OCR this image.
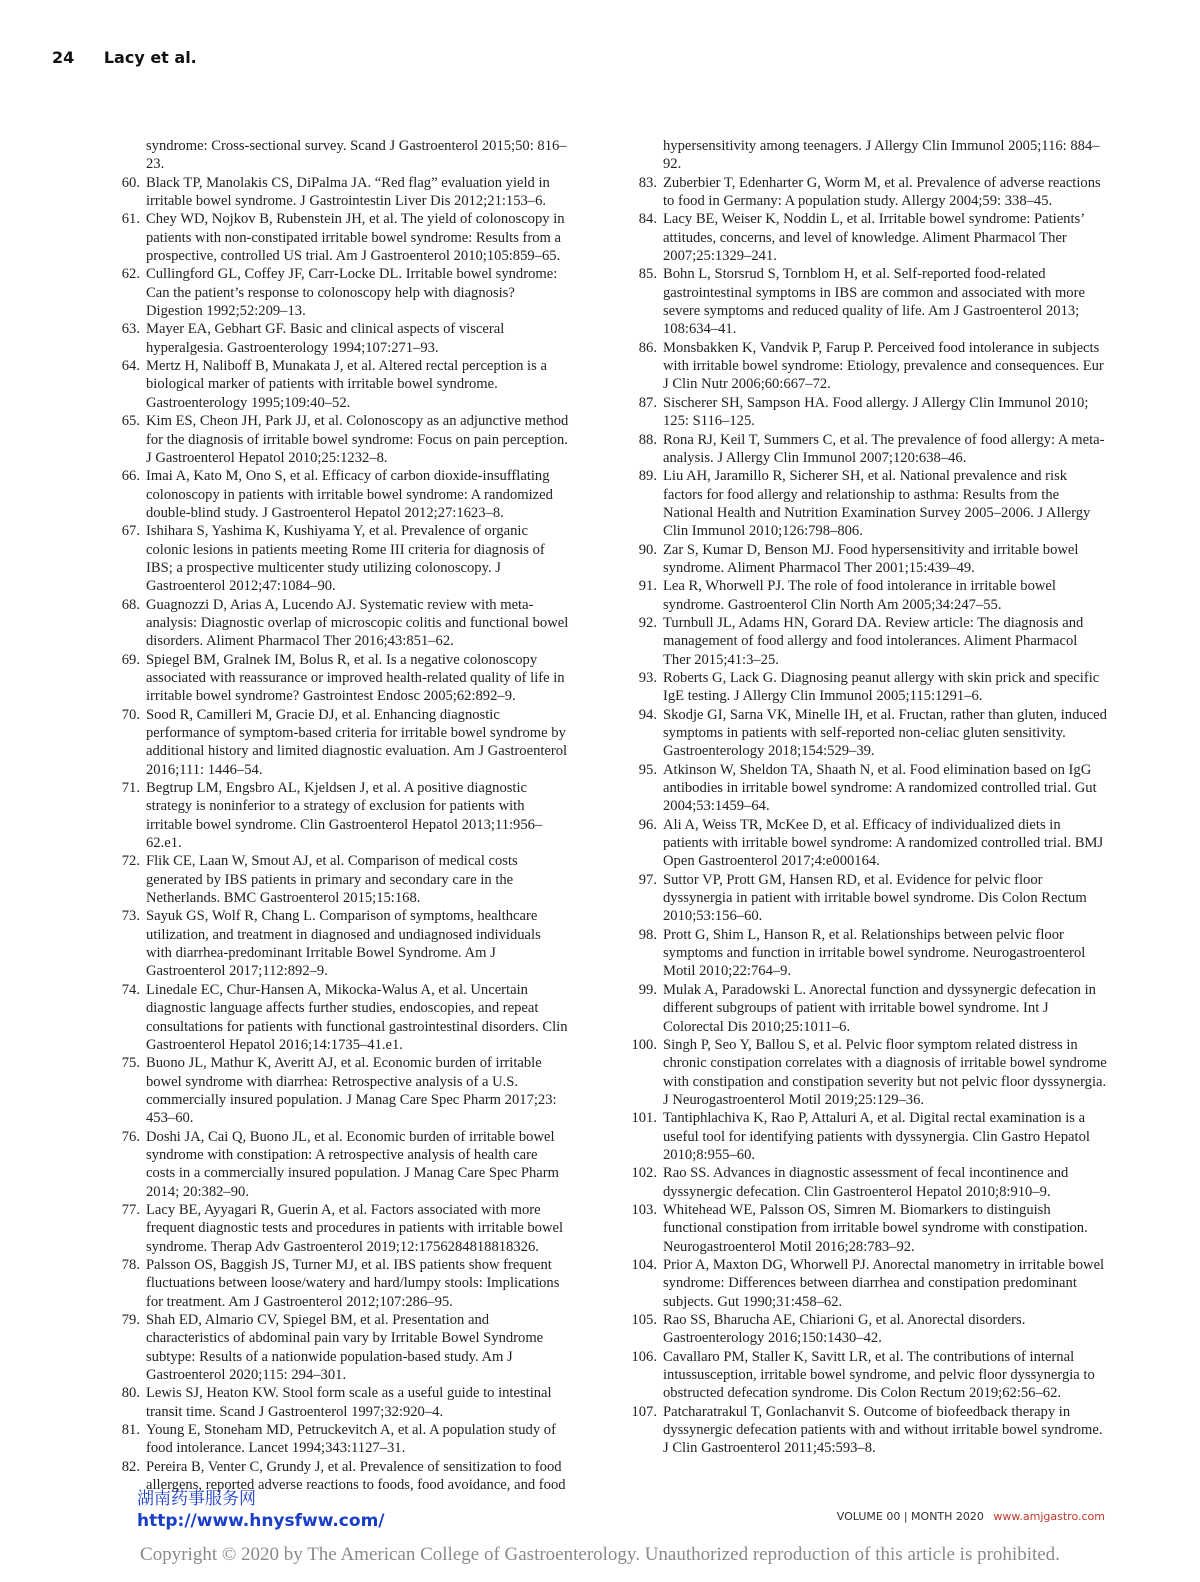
24 Lacy et al.
syndrome: Cross-sectional survey. Scand J Gastroenterol 2015;50: 816–23.
60. Black TP, Manolakis CS, DiPalma JA. “Red flag” evaluation yield in irritable bowel syndrome. J Gastrointestin Liver Dis 2012;21:153–6.
61. Chey WD, Nojkov B, Rubenstein JH, et al. The yield of colonoscopy in patients with non-constipated irritable bowel syndrome: Results from a prospective, controlled US trial. Am J Gastroenterol 2010;105:859–65.
62. Cullingford GL, Coffey JF, Carr-Locke DL. Irritable bowel syndrome: Can the patient’s response to colonoscopy help with diagnosis? Digestion 1992;52:209–13.
63. Mayer EA, Gebhart GF. Basic and clinical aspects of visceral hyperalgesia. Gastroenterology 1994;107:271–93.
64. Mertz H, Naliboff B, Munakata J, et al. Altered rectal perception is a biological marker of patients with irritable bowel syndrome. Gastroenterology 1995;109:40–52.
65. Kim ES, Cheon JH, Park JJ, et al. Colonoscopy as an adjunctive method for the diagnosis of irritable bowel syndrome: Focus on pain perception. J Gastroenterol Hepatol 2010;25:1232–8.
66. Imai A, Kato M, Ono S, et al. Efficacy of carbon dioxide-insufflating colonoscopy in patients with irritable bowel syndrome: A randomized double-blind study. J Gastroenterol Hepatol 2012;27:1623–8.
67. Ishihara S, Yashima K, Kushiyama Y, et al. Prevalence of organic colonic lesions in patients meeting Rome III criteria for diagnosis of IBS; a prospective multicenter study utilizing colonoscopy. J Gastroenterol 2012;47:1084–90.
68. Guagnozzi D, Arias A, Lucendo AJ. Systematic review with meta-analysis: Diagnostic overlap of microscopic colitis and functional bowel disorders. Aliment Pharmacol Ther 2016;43:851–62.
69. Spiegel BM, Gralnek IM, Bolus R, et al. Is a negative colonoscopy associated with reassurance or improved health-related quality of life in irritable bowel syndrome? Gastrointest Endosc 2005;62:892–9.
70. Sood R, Camilleri M, Gracie DJ, et al. Enhancing diagnostic performance of symptom-based criteria for irritable bowel syndrome by additional history and limited diagnostic evaluation. Am J Gastroenterol 2016;111: 1446–54.
71. Begtrup LM, Engsbro AL, Kjeldsen J, et al. A positive diagnostic strategy is noninferior to a strategy of exclusion for patients with irritable bowel syndrome. Clin Gastroenterol Hepatol 2013;11:956–62.e1.
72. Flik CE, Laan W, Smout AJ, et al. Comparison of medical costs generated by IBS patients in primary and secondary care in the Netherlands. BMC Gastroenterol 2015;15:168.
73. Sayuk GS, Wolf R, Chang L. Comparison of symptoms, healthcare utilization, and treatment in diagnosed and undiagnosed individuals with diarrhea-predominant Irritable Bowel Syndrome. Am J Gastroenterol 2017;112:892–9.
74. Linedale EC, Chur-Hansen A, Mikocka-Walus A, et al. Uncertain diagnostic language affects further studies, endoscopies, and repeat consultations for patients with functional gastrointestinal disorders. Clin Gastroenterol Hepatol 2016;14:1735–41.e1.
75. Buono JL, Mathur K, Averitt AJ, et al. Economic burden of irritable bowel syndrome with diarrhea: Retrospective analysis of a U.S. commercially insured population. J Manag Care Spec Pharm 2017;23: 453–60.
76. Doshi JA, Cai Q, Buono JL, et al. Economic burden of irritable bowel syndrome with constipation: A retrospective analysis of health care costs in a commercially insured population. J Manag Care Spec Pharm 2014; 20:382–90.
77. Lacy BE, Ayyagari R, Guerin A, et al. Factors associated with more frequent diagnostic tests and procedures in patients with irritable bowel syndrome. Therap Adv Gastroenterol 2019;12:1756284818818326.
78. Palsson OS, Baggish JS, Turner MJ, et al. IBS patients show frequent fluctuations between loose/watery and hard/lumpy stools: Implications for treatment. Am J Gastroenterol 2012;107:286–95.
79. Shah ED, Almario CV, Spiegel BM, et al. Presentation and characteristics of abdominal pain vary by Irritable Bowel Syndrome subtype: Results of a nationwide population-based study. Am J Gastroenterol 2020;115: 294–301.
80. Lewis SJ, Heaton KW. Stool form scale as a useful guide to intestinal transit time. Scand J Gastroenterol 1997;32:920–4.
81. Young E, Stoneham MD, Petruckevitch A, et al. A population study of food intolerance. Lancet 1994;343:1127–31.
82. Pereira B, Venter C, Grundy J, et al. Prevalence of sensitization to food allergens, reported adverse reactions to foods, food avoidance, and food
hypersensitivity among teenagers. J Allergy Clin Immunol 2005;116: 884–92.
83. Zuberbier T, Edenharter G, Worm M, et al. Prevalence of adverse reactions to food in Germany: A population study. Allergy 2004;59: 338–45.
84. Lacy BE, Weiser K, Noddin L, et al. Irritable bowel syndrome: Patients’ attitudes, concerns, and level of knowledge. Aliment Pharmacol Ther 2007;25:1329–241.
85. Bohn L, Storsrud S, Tornblom H, et al. Self-reported food-related gastrointestinal symptoms in IBS are common and associated with more severe symptoms and reduced quality of life. Am J Gastroenterol 2013; 108:634–41.
86. Monsbakken K, Vandvik P, Farup P. Perceived food intolerance in subjects with irritable bowel syndrome: Etiology, prevalence and consequences. Eur J Clin Nutr 2006;60:667–72.
87. Sischerer SH, Sampson HA. Food allergy. J Allergy Clin Immunol 2010; 125: S116–125.
88. Rona RJ, Keil T, Summers C, et al. The prevalence of food allergy: A meta-analysis. J Allergy Clin Immunol 2007;120:638–46.
89. Liu AH, Jaramillo R, Sicherer SH, et al. National prevalence and risk factors for food allergy and relationship to asthma: Results from the National Health and Nutrition Examination Survey 2005–2006. J Allergy Clin Immunol 2010;126:798–806.
90. Zar S, Kumar D, Benson MJ. Food hypersensitivity and irritable bowel syndrome. Aliment Pharmacol Ther 2001;15:439–49.
91. Lea R, Whorwell PJ. The role of food intolerance in irritable bowel syndrome. Gastroenterol Clin North Am 2005;34:247–55.
92. Turnbull JL, Adams HN, Gorard DA. Review article: The diagnosis and management of food allergy and food intolerances. Aliment Pharmacol Ther 2015;41:3–25.
93. Roberts G, Lack G. Diagnosing peanut allergy with skin prick and specific IgE testing. J Allergy Clin Immunol 2005;115:1291–6.
94. Skodje GI, Sarna VK, Minelle IH, et al. Fructan, rather than gluten, induced symptoms in patients with self-reported non-celiac gluten sensitivity. Gastroenterology 2018;154:529–39.
95. Atkinson W, Sheldon TA, Shaath N, et al. Food elimination based on IgG antibodies in irritable bowel syndrome: A randomized controlled trial. Gut 2004;53:1459–64.
96. Ali A, Weiss TR, McKee D, et al. Efficacy of individualized diets in patients with irritable bowel syndrome: A randomized controlled trial. BMJ Open Gastroenterol 2017;4:e000164.
97. Suttor VP, Prott GM, Hansen RD, et al. Evidence for pelvic floor dyssynergia in patient with irritable bowel syndrome. Dis Colon Rectum 2010;53:156–60.
98. Prott G, Shim L, Hanson R, et al. Relationships between pelvic floor symptoms and function in irritable bowel syndrome. Neurogastroenterol Motil 2010;22:764–9.
99. Mulak A, Paradowski L. Anorectal function and dyssynergic defecation in different subgroups of patient with irritable bowel syndrome. Int J Colorectal Dis 2010;25:1011–6.
100. Singh P, Seo Y, Ballou S, et al. Pelvic floor symptom related distress in chronic constipation correlates with a diagnosis of irritable bowel syndrome with constipation and constipation severity but not pelvic floor dyssynergia. J Neurogastroenterol Motil 2019;25:129–36.
101. Tantiphlachiva K, Rao P, Attaluri A, et al. Digital rectal examination is a useful tool for identifying patients with dyssynergia. Clin Gastro Hepatol 2010;8:955–60.
102. Rao SS. Advances in diagnostic assessment of fecal incontinence and dyssynergic defecation. Clin Gastroenterol Hepatol 2010;8:910–9.
103. Whitehead WE, Palsson OS, Simren M. Biomarkers to distinguish functional constipation from irritable bowel syndrome with constipation. Neurogastroenterol Motil 2016;28:783–92.
104. Prior A, Maxton DG, Whorwell PJ. Anorectal manometry in irritable bowel syndrome: Differences between diarrhea and constipation predominant subjects. Gut 1990;31:458–62.
105. Rao SS, Bharucha AE, Chiarioni G, et al. Anorectal disorders. Gastroenterology 2016;150:1430–42.
106. Cavallaro PM, Staller K, Savitt LR, et al. The contributions of internal intussusception, irritable bowel syndrome, and pelvic floor dyssynergia to obstructed defecation syndrome. Dis Colon Rectum 2019;62:56–62.
107. Patcharatrakul T, Gonlachanvit S. Outcome of biofeedback therapy in dyssynergic defecation patients with and without irritable bowel syndrome. J Clin Gastroenterol 2011;45:593–8.
湖南药事服务网
http://www.hnysfww.com/	VOLUME 00 | MONTH 2020 www.amjgastro.com
Copyright © 2020 by The American College of Gastroenterology. Unauthorized reproduction of this article is prohibited.
